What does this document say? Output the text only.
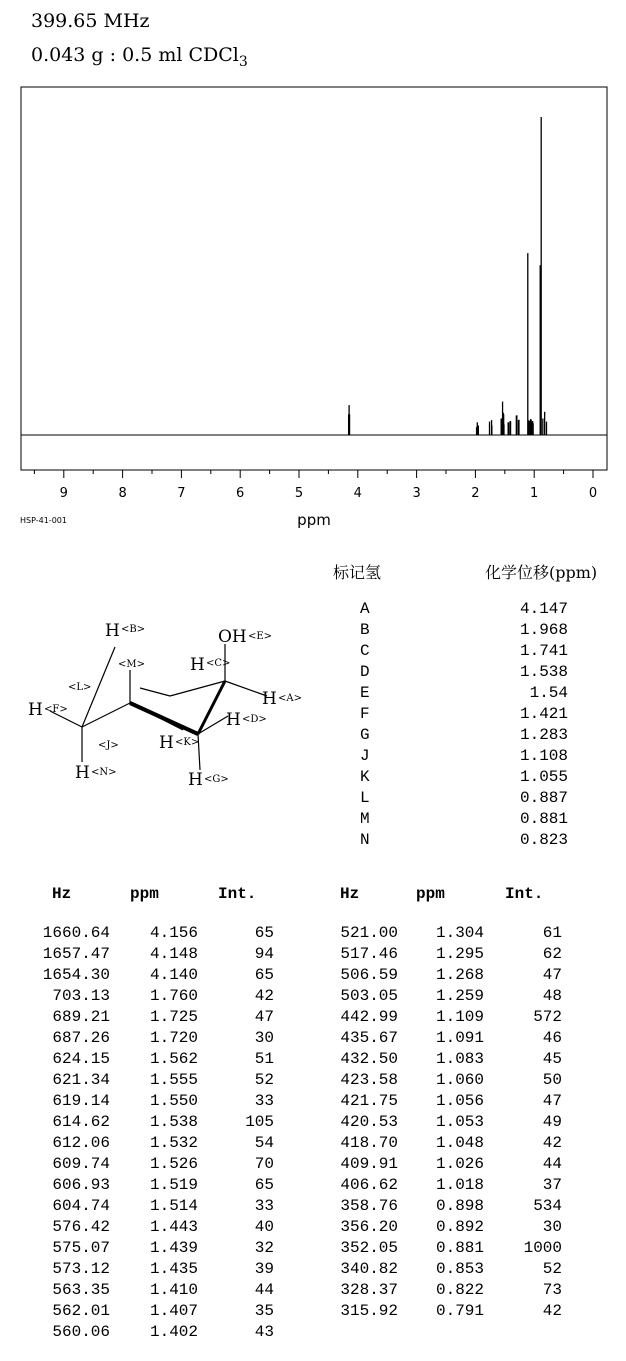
399.65 MHz
0.043 g : 0.5 ml CDCl$_3$
9	8	7	6	5	4	3	2	1	0
ppm
HSP-41-001
标记氢	化学位移(ppm)
A	4.147
B	1.968
C	1.741
D	1.538
E	1.54
F	1.421
G	1.283
J	1.108
K	1.055
L	0.887
M	0.881
N	0.823
H <B>	OH <E>
<M>	H <C>
<L>
H <A>
H <F>
H <D>
<J> H <K>
H <N>	H <G>
Hz	ppm	Int.	Hz	ppm	Int.
1660.64	4.156	65
1657.47	4.148	94
1654.30	4.140	65
703.13	1.760	42
689.21	1.725	47
687.26	1.720	30
624.15	1.562	51
621.34	1.555	52
619.14	1.550	33
614.62	1.538	105
612.06	1.532	54
609.74	1.526	70
606.93	1.519	65
604.74	1.514	33
576.42	1.443	40
575.07	1.439	32
573.12	1.435	39
563.35	1.410	44
562.01	1.407	35
560.06	1.402	43
521.00	1.304	61
517.46	1.295	62
506.59	1.268	47
503.05	1.259	48
442.99	1.109	572
435.67	1.091	46
432.50	1.083	45
423.58	1.060	50
421.75	1.056	47
420.53	1.053	49
418.70	1.048	42
409.91	1.026	44
406.62	1.018	37
358.76	0.898	534
356.20	0.892	30
352.05	0.881	1000
340.82	0.853	52
328.37	0.822	73
315.92	0.791	42
